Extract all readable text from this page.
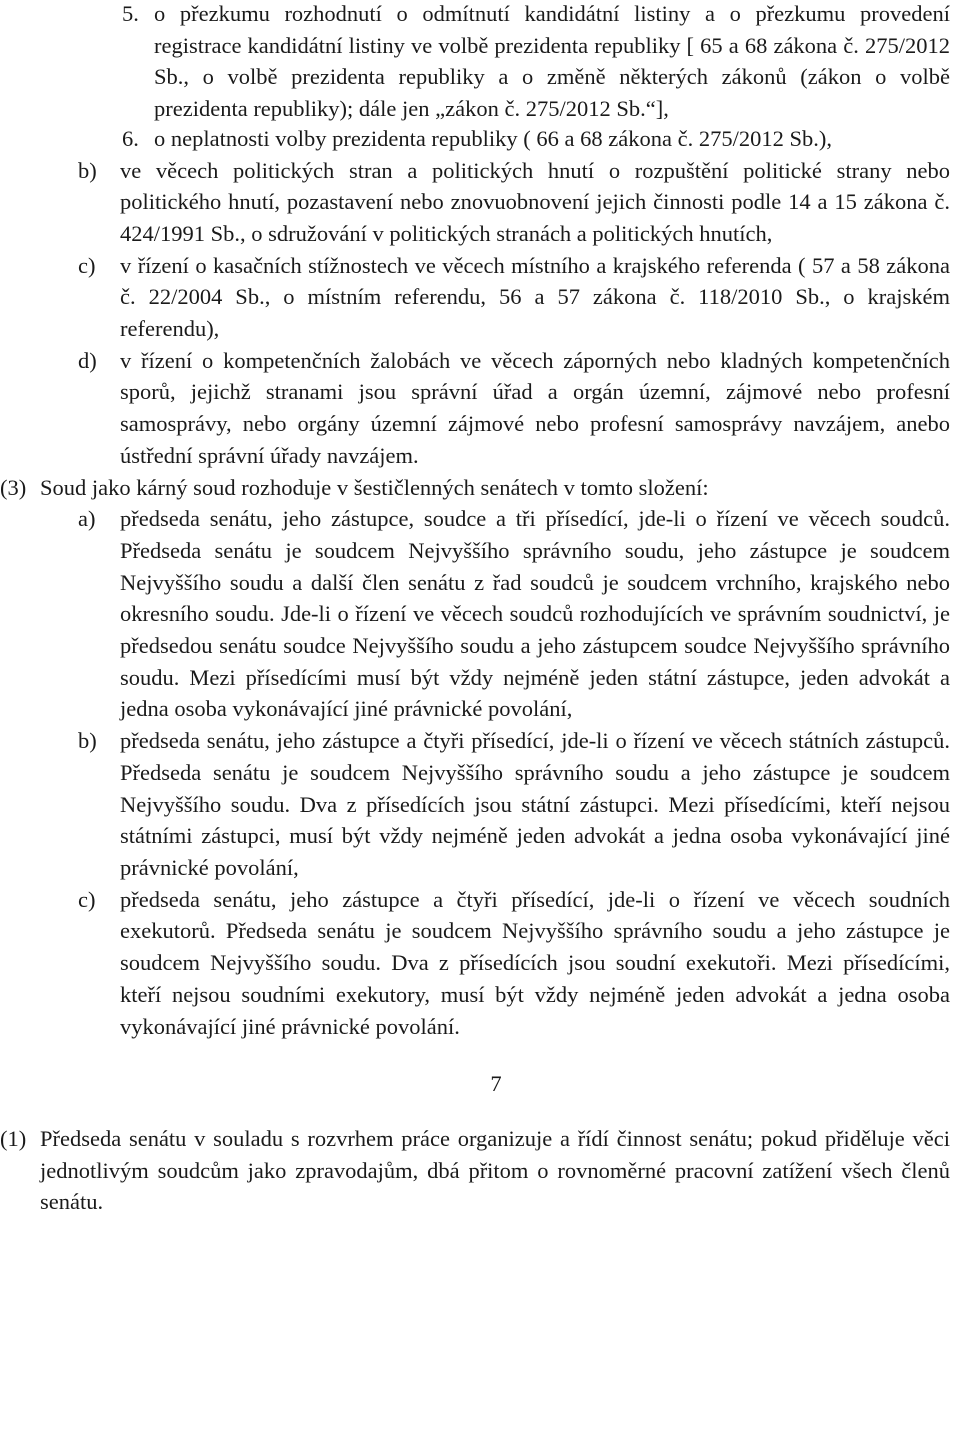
5. o přezkumu rozhodnutí o odmítnutí kandidátní listiny a o přezkumu provedení registrace kandidátní listiny ve volbě prezidenta republiky [ 65 a 68 zákona č. 275/2012 Sb., o volbě prezidenta republiky a o změně některých zákonů (zákon o volbě prezidenta republiky); dále jen „zákon č. 275/2012 Sb.“],
6. o neplatnosti volby prezidenta republiky ( 66 a 68 zákona č. 275/2012 Sb.),
b) ve věcech politických stran a politických hnutí o rozpuštění politické strany nebo politického hnutí, pozastavení nebo znovuobnovení jejich činnosti podle 14 a 15 zákona č. 424/1991 Sb., o sdružování v politických stranách a politických hnutích,
c) v řízení o kasačních stížnostech ve věcech místního a krajského referenda ( 57 a 58 zákona č. 22/2004 Sb., o místním referendu, 56 a 57 zákona č. 118/2010 Sb., o krajském referendu),
d) v řízení o kompetenčních žalobách ve věcech záporných nebo kladných kompetenčních sporů, jejichž stranami jsou správní úřad a orgán územní, zájmové nebo profesní samosprávy, nebo orgány územní zájmové nebo profesní samosprávy navzájem, anebo ústřední správní úřady navzájem.
(3) Soud jako kárný soud rozhoduje v šestičlenných senátech v tomto složení:
a) předseda senátu, jeho zástupce, soudce a tři přísedící, jde-li o řízení ve věcech soudců. Předseda senátu je soudcem Nejvyššího správního soudu, jeho zástupce je soudcem Nejvyššího soudu a další člen senátu z řad soudců je soudcem vrchního, krajského nebo okresního soudu. Jde-li o řízení ve věcech soudců rozhodujících ve správním soudnictví, je předsedou senátu soudce Nejvyššího soudu a jeho zástupcem soudce Nejvyššího správního soudu. Mezi přísedícími musí být vždy nejméně jeden státní zástupce, jeden advokát a jedna osoba vykonávající jiné právnické povolání,
b) předseda senátu, jeho zástupce a čtyři přísedící, jde-li o řízení ve věcech státních zástupců. Předseda senátu je soudcem Nejvyššího správního soudu a jeho zástupce je soudcem Nejvyššího soudu. Dva z přísedících jsou státní zástupci. Mezi přísedícími, kteří nejsou státními zástupci, musí být vždy nejméně jeden advokát a jedna osoba vykonávající jiné právnické povolání,
c) předseda senátu, jeho zástupce a čtyři přísedící, jde-li o řízení ve věcech soudních exekutorů. Předseda senátu je soudcem Nejvyššího správního soudu a jeho zástupce je soudcem Nejvyššího soudu. Dva z přísedících jsou soudní exekutoři. Mezi přísedícími, kteří nejsou soudními exekutory, musí být vždy nejméně jeden advokát a jedna osoba vykonávající jiné právnické povolání.
7
(1) Předseda senátu v souladu s rozvrhem práce organizuje a řídí činnost senátu; pokud přiděluje věci jednotlivým soudcům jako zpravodajům, dbá přitom o rovnoměrné pracovní zatížení všech členů senátu.
